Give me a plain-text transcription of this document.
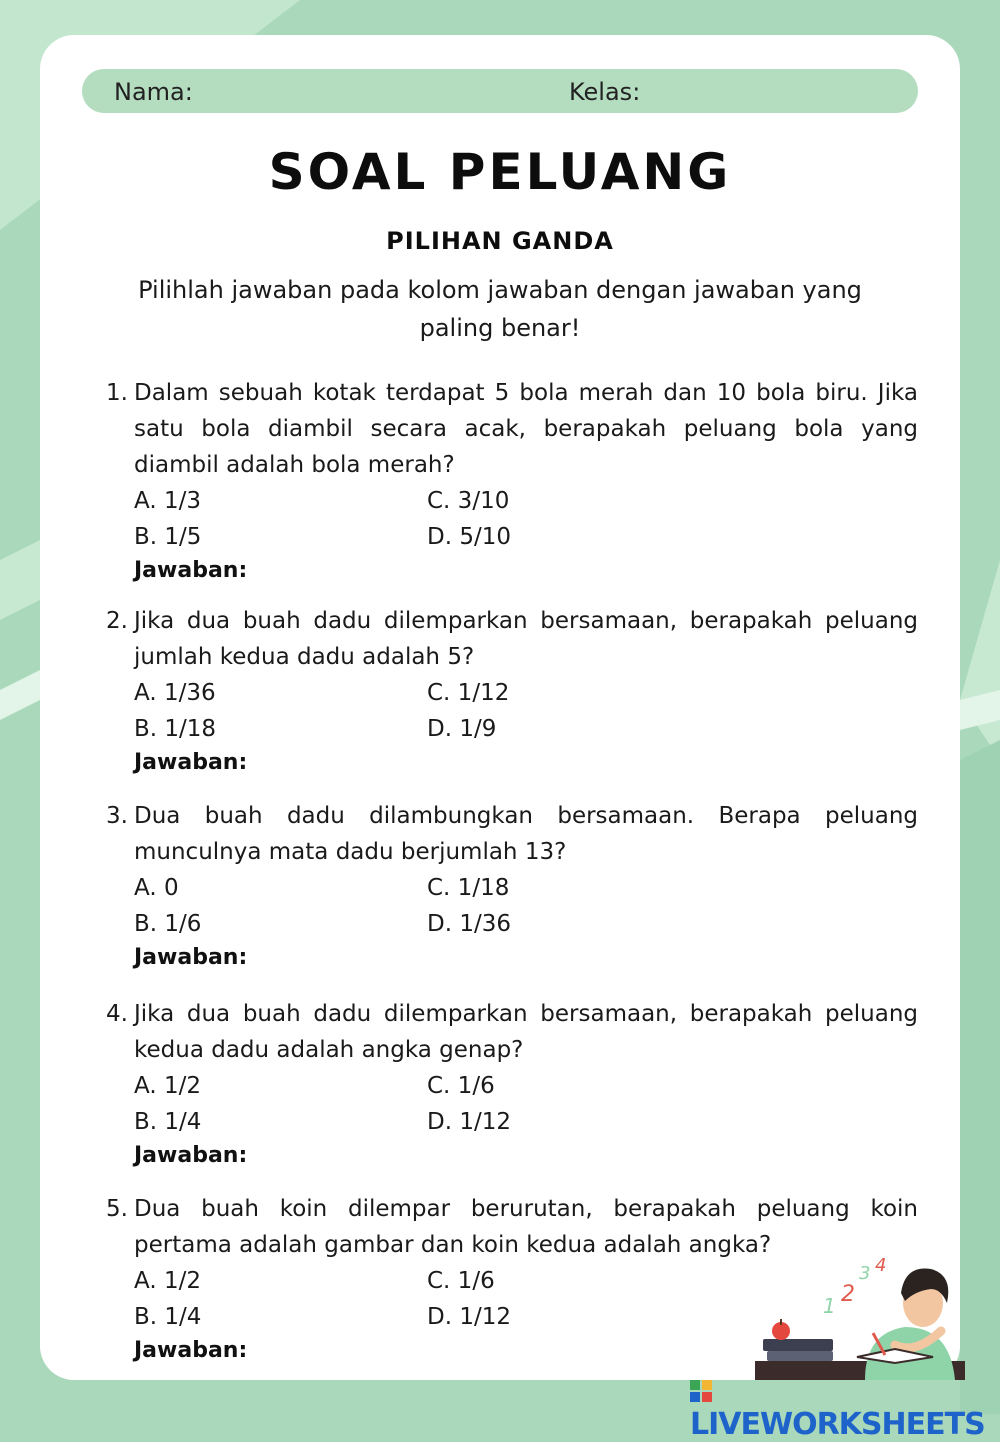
Nama:	Kelas:
SOAL PELUANG
PILIHAN GANDA
Pilihlah jawaban pada kolom jawaban dengan jawaban yang paling benar!
1. Dalam sebuah kotak terdapat 5 bola merah dan 10 bola biru. Jika satu bola diambil secara acak, berapakah peluang bola yang diambil adalah bola merah?
A. 1/3	C. 3/10
B. 1/5	D. 5/10
Jawaban:
2. Jika dua buah dadu dilemparkan bersamaan, berapakah peluang jumlah kedua dadu adalah 5?
A. 1/36	C. 1/12
B. 1/18	D. 1/9
Jawaban:
3. Dua buah dadu dilambungkan bersamaan. Berapa peluang munculnya mata dadu berjumlah 13?
A. 0	C. 1/18
B. 1/6	D. 1/36
Jawaban:
4. Jika dua buah dadu dilemparkan bersamaan, berapakah peluang kedua dadu adalah angka genap?
A. 1/2	C. 1/6
B. 1/4	D. 1/12
Jawaban:
5. Dua buah koin dilempar berurutan, berapakah peluang koin pertama adalah gambar dan koin kedua adalah angka?
A. 1/2	C. 1/6
B. 1/4	D. 1/12
Jawaban:
1 2
3 4
LIVEWORKSHEETS
